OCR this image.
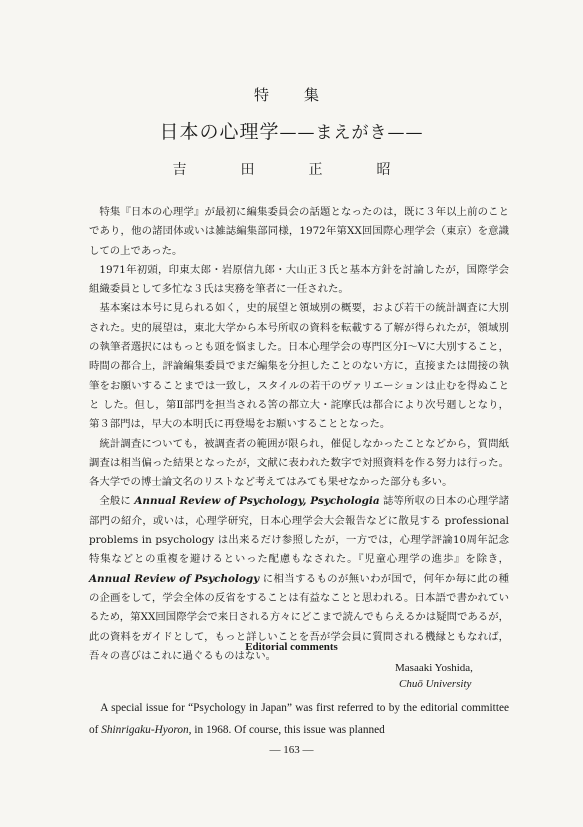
特　集
日本の心理学——まえがき——
吉　田　正　昭

特集『日本の心理学』が最初に編集委員会の話題となったのは，既に３年以上前のことであり，他の諸団体或いは雑誌編集部同様，1972年第XX回国際心理学会（東京）を意識しての上であった。

1971年初頭，印東太郎・岩原信九郎・大山正３氏と基本方針を討論したが，国際学会組織委員として多忙な３氏は実務を筆者に一任された。

基本案は本号に見られる如く，史的展望と領域別の概要，および若干の統計調査に大別された。史的展望は，東北大学から本号所収の資料を転載する了解が得られたが，領域別の執筆者選択にはもっとも頭を悩ました。日本心理学会の専門区分Ⅰ～Ⅴに大別すること，時間の都合上，評論編集委員でまだ編集を分担したことのない方に，直接または間接の執筆をお願いすることまでは一致し，スタイルの若干のヴァリエーションは止むを得ぬことと した。但し，第Ⅱ部門を担当される筈の都立大・詫摩氏は都合により次号廻しとなり，第３部門は，早大の本明氏に再登場をお願いすることとなった。

統計調査についても，被調査者の範囲が限られ，催促しなかったことなどから，質問紙調査は相当偏った結果となったが，文献に表われた数字で対照資料を作る努力は行った。各大学での博士論文名のリストなど考えてはみても果せなかった部分も多い。

全般に Annual Review of Psychology, Psychologia 誌等所収の日本の心理学諸部門の紹介，或いは，心理学研究，日本心理学会大会報告などに散見する professional problems in psychology は出来るだけ参照したが，一方では，心理学評論10周年記念特集などとの重複を避けるといった配慮もなされた。『児童心理学の進歩』を除き，Annual Review of Psychology に相当するものが無いわが国で，何年か毎に此の種の企画をして，学会全体の反省をすることは有益なことと思われる。日本語で書かれているため，第XX回国際学会で来日される方々にどこまで読んでもらえるかは疑問であるが，此の資料をガイドとして，もっと詳しいことを吾が学会員に質問される機縁ともなれば，吾々の喜びはこれに過ぐるものはない。

Editorial comments
Masaaki Yoshida,
Chuō University

A special issue for “Psychology in Japan” was first referred to by the editorial committee of Shinrigaku-Hyoron, in 1968. Of course, this issue was planned

— 163 —
